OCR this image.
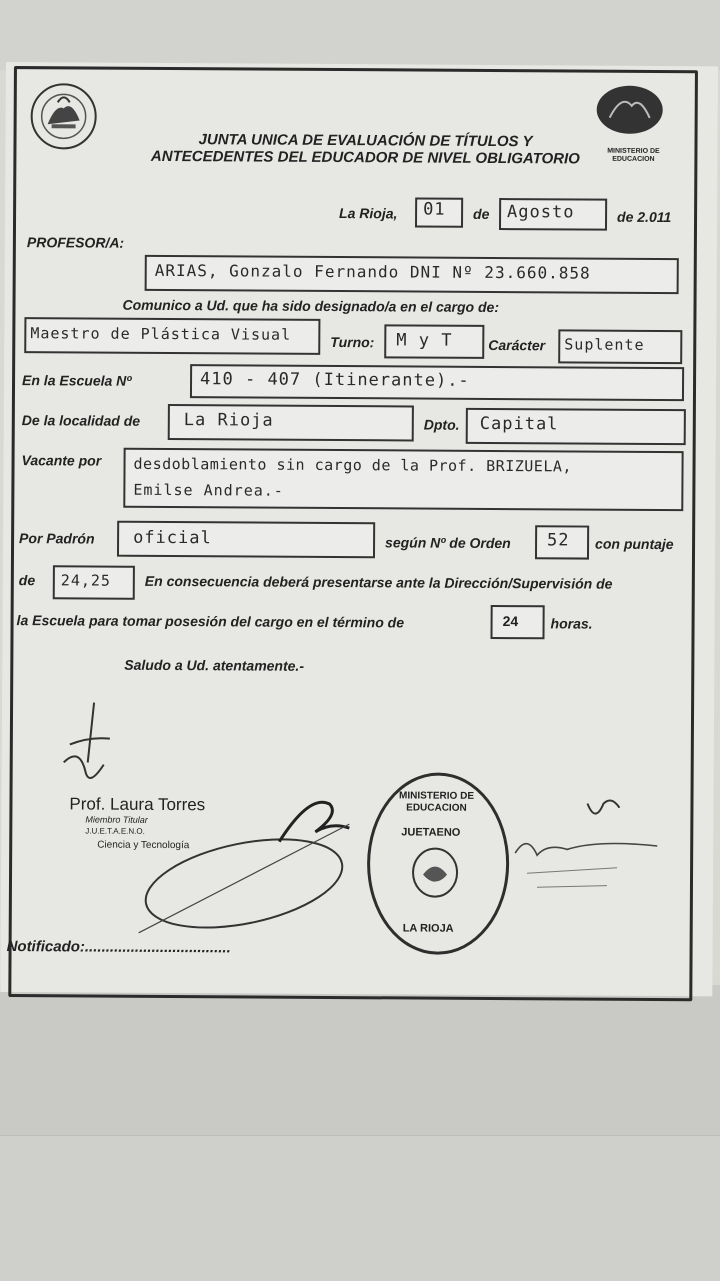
MINISTERIO DE EDUCACION
JUNTA UNICA DE EVALUACIÓN DE TÍTULOS Y
ANTECEDENTES DEL EDUCADOR DE NIVEL OBLIGATORIO
La Rioja, 01 de Agosto	de 2.011
PROFESOR/A:
ARIAS, Gonzalo Fernando DNI Nº 23.660.858
Comunico a Ud. que ha sido designado/a en el cargo de:
Maestro de Plástica Visual	Turno: M y T	Carácter Suplente
En la Escuela Nº	410 - 407 (Itinerante).-
De la localidad de	La Rioja	Dpto. Capital
Vacante por desdoblamiento sin cargo de la Prof. BRIZUELA,
Emilse Andrea.-
Por Padrón oficial	según Nº de Orden 52 con puntaje
de 24,25 En consecuencia deberá presentarse ante la Dirección/Supervisión de
la Escuela para tomar posesión del cargo en el término de	24 horas.
Saludo a Ud. atentamente.-
Prof. Laura Torres
Miembro Titular
J.U.E.T.A.E.N.O.
Ciencia y Tecnología
MINISTERIO DE EDUCACION
JUETAENO
LA RIOJA
Notificado:...................................
